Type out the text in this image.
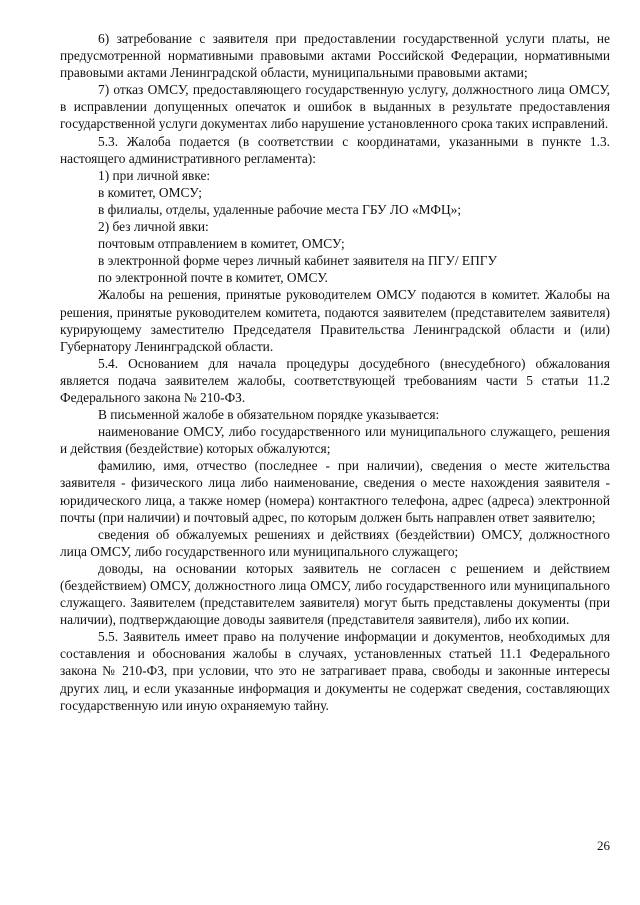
6) затребование с заявителя при предоставлении государственной услуги платы, не предусмотренной нормативными правовыми актами Российской Федерации, нормативными правовыми актами Ленинградской области, муниципальными правовыми актами;

7) отказ ОМСУ, предоставляющего государственную услугу, должностного лица ОМСУ, в исправлении допущенных опечаток и ошибок в выданных в результате предоставления государственной услуги документах либо нарушение установленного срока таких исправлений.

5.3. Жалоба подается (в соответствии с координатами, указанными в пункте 1.3. настоящего административного регламента):

1) при личной явке:

в комитет, ОМСУ;

в филиалы, отделы, удаленные рабочие места ГБУ ЛО «МФЦ»;

2) без личной явки:

почтовым отправлением в комитет, ОМСУ;

в электронной форме через личный кабинет заявителя на ПГУ/ ЕПГУ

по электронной почте в комитет, ОМСУ.

Жалобы на решения, принятые руководителем ОМСУ подаются в комитет. Жалобы на решения, принятые руководителем комитета, подаются заявителем (представителем заявителя) курирующему заместителю Председателя Правительства Ленинградской области и (или) Губернатору Ленинградской области.

5.4. Основанием для начала процедуры досудебного (внесудебного) обжалования является подача заявителем жалобы, соответствующей требованиям части 5 статьи 11.2 Федерального закона № 210-ФЗ.

В письменной жалобе в обязательном порядке указывается:

наименование ОМСУ, либо государственного или муниципального служащего, решения и действия (бездействие) которых обжалуются;

фамилию, имя, отчество (последнее - при наличии), сведения о месте жительства заявителя - физического лица либо наименование, сведения о месте нахождения заявителя - юридического лица, а также номер (номера) контактного телефона, адрес (адреса) электронной почты (при наличии) и почтовый адрес, по которым должен быть направлен ответ заявителю;

сведения об обжалуемых решениях и действиях (бездействии) ОМСУ, должностного лица ОМСУ, либо государственного или муниципального служащего;

доводы, на основании которых заявитель не согласен с решением и действием (бездействием) ОМСУ, должностного лица ОМСУ, либо государственного или муниципального служащего. Заявителем (представителем заявителя) могут быть представлены документы (при наличии), подтверждающие доводы заявителя (представителя заявителя), либо их копии.

5.5. Заявитель имеет право на получение информации и документов, необходимых для составления и обоснования жалобы в случаях, установленных статьей 11.1 Федерального закона № 210-ФЗ, при условии, что это не затрагивает права, свободы и законные интересы других лиц, и если указанные информация и документы не содержат сведения, составляющих государственную или иную охраняемую тайну.

26
